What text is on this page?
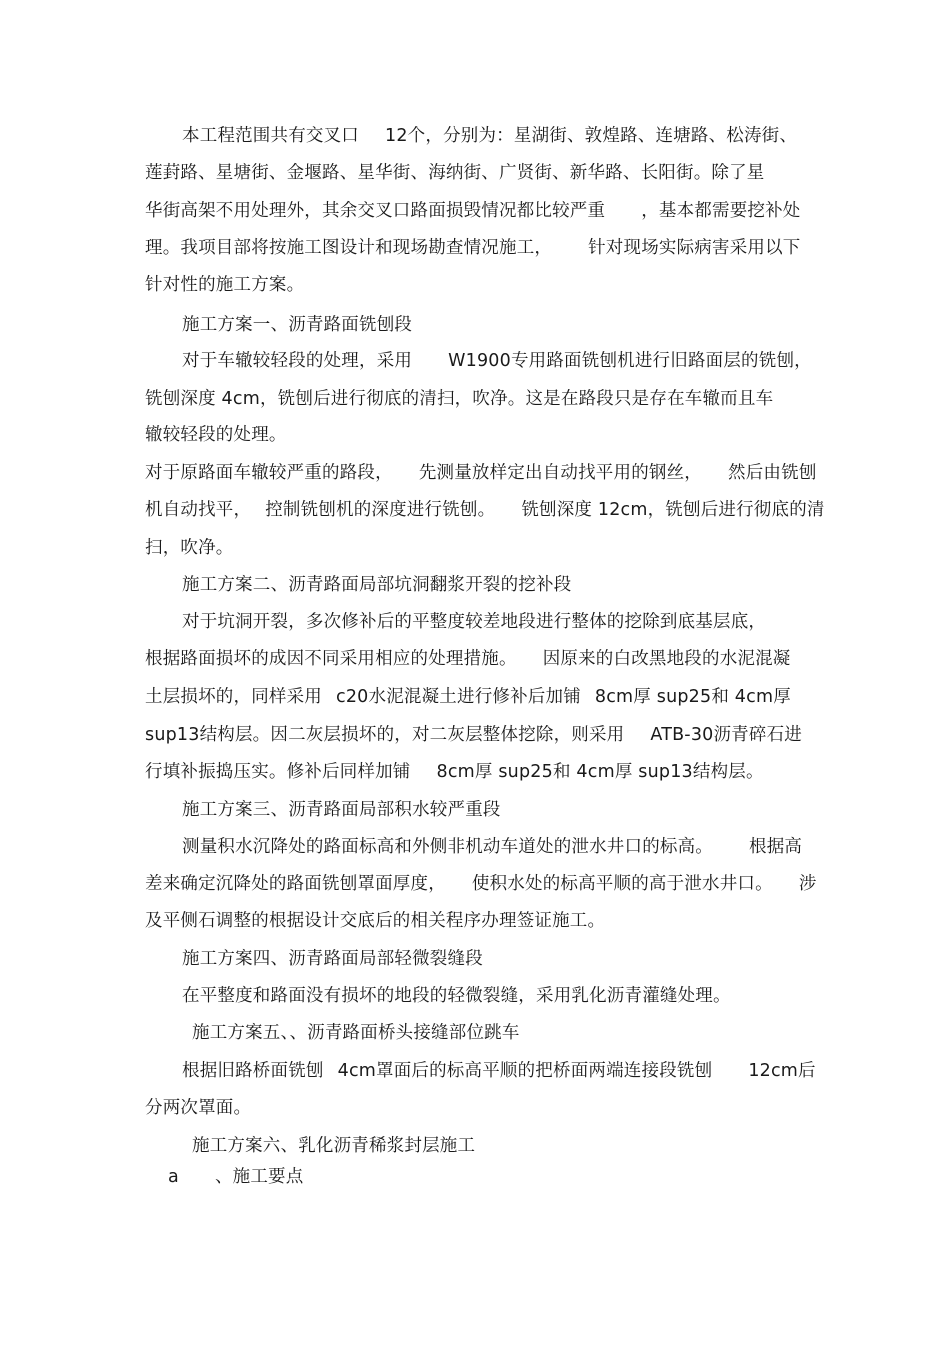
本工程范围共有交叉口 12个，分别为：星湖街、敦煌路、连塘路、松涛街、
莲葑路、星塘街、金堰路、星华街、海纳街、广贤街、新华路、长阳街。除了星
华街高架不用处理外，其余交叉口路面损毁情况都比较严重 ，基本都需要挖补处
理。我项目部将按施工图设计和现场勘查情况施工， 针对现场实际病害采用以下
针对性的施工方案。
施工方案一、沥青路面铣刨段
对于车辙较轻段的处理，采用 W1900专用路面铣刨机进行旧路面层的铣刨，
铣刨深度 4cm，铣刨后进行彻底的清扫，吹净。这是在路段只是存在车辙而且车
辙较轻段的处理。
对于原路面车辙较严重的路段， 先测量放样定出自动找平用的钢丝， 然后由铣刨
机自动找平， 控制铣刨机的深度进行铣刨。 铣刨深度 12cm，铣刨后进行彻底的清
扫，吹净。
施工方案二、沥青路面局部坑洞翻浆开裂的挖补段
对于坑洞开裂，多次修补后的平整度较差地段进行整体的挖除到底基层底，
根据路面损坏的成因不同采用相应的处理措施。 因原来的白改黑地段的水泥混凝
土层损坏的，同样采用 c20水泥混凝土进行修补后加铺 8cm厚 sup25和 4cm厚
sup13结构层。因二灰层损坏的，对二灰层整体挖除，则采用 ATB-30沥青碎石进
行填补振捣压实。修补后同样加铺 8cm厚 sup25和 4cm厚 sup13结构层。
施工方案三、沥青路面局部积水较严重段
测量积水沉降处的路面标高和外侧非机动车道处的泄水井口的标高。 根据高
差来确定沉降处的路面铣刨罩面厚度， 使积水处的标高平顺的高于泄水井口。 涉
及平侧石调整的根据设计交底后的相关程序办理签证施工。
施工方案四、沥青路面局部轻微裂缝段
在平整度和路面没有损坏的地段的轻微裂缝，采用乳化沥青灌缝处理。
施工方案五、、沥青路面桥头接缝部位跳车
根据旧路桥面铣刨 4cm罩面后的标高平顺的把桥面两端连接段铣刨 12cm后
分两次罩面。
施工方案六、乳化沥青稀浆封层施工
a 、施工要点
